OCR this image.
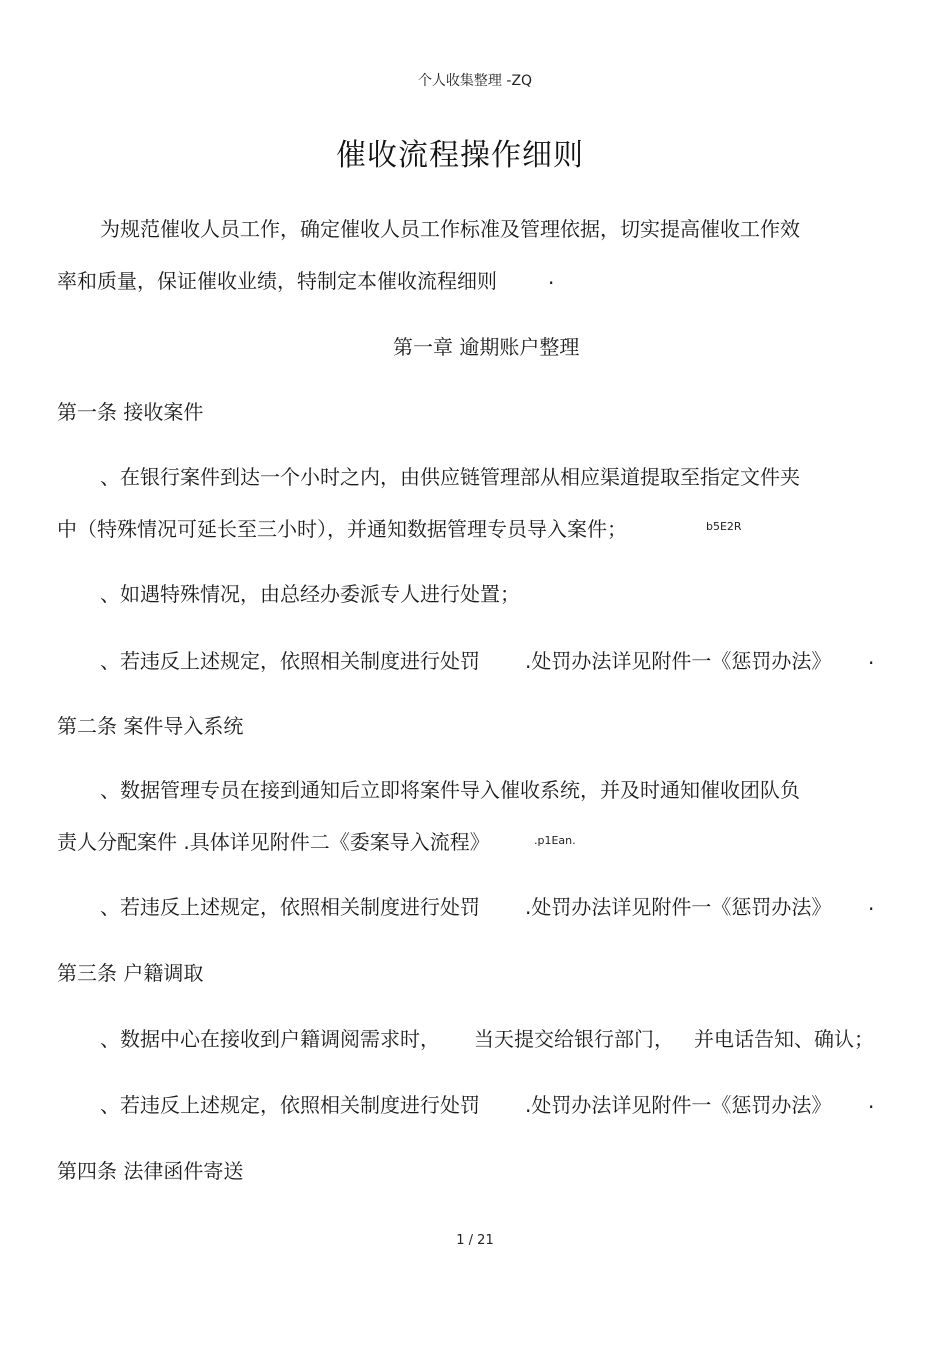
个人收集整理 -ZQ
催收流程操作细则
为规范催收人员工作，确定催收人员工作标准及管理依据，切实提高催收工作效
率和质量，保证催收业绩，特制定本催收流程细则	.
第一章 逾期账户整理
第一条 接收案件
、在银行案件到达一个小时之内，由供应链管理部从相应渠道提取至指定文件夹
中（特殊情况可延长至三小时），并通知数据管理专员导入案件；	b5E2R
、如遇特殊情况，由总经办委派专人进行处置；
、若违反上述规定，依照相关制度进行处罚 .处罚办法详见附件一《惩罚办法》 .
第二条 案件导入系统
、数据管理专员在接到通知后立即将案件导入催收系统，并及时通知催收团队负
责人分配案件 .具体详见附件二《委案导入流程》	.p1Ean.
、若违反上述规定，依照相关制度进行处罚 .处罚办法详见附件一《惩罚办法》 .
第三条 户籍调取
、数据中心在接收到户籍调阅需求时， 当天提交给银行部门， 并电话告知、确认；
、若违反上述规定，依照相关制度进行处罚 .处罚办法详见附件一《惩罚办法》 .
第四条 法律函件寄送
1 / 21
